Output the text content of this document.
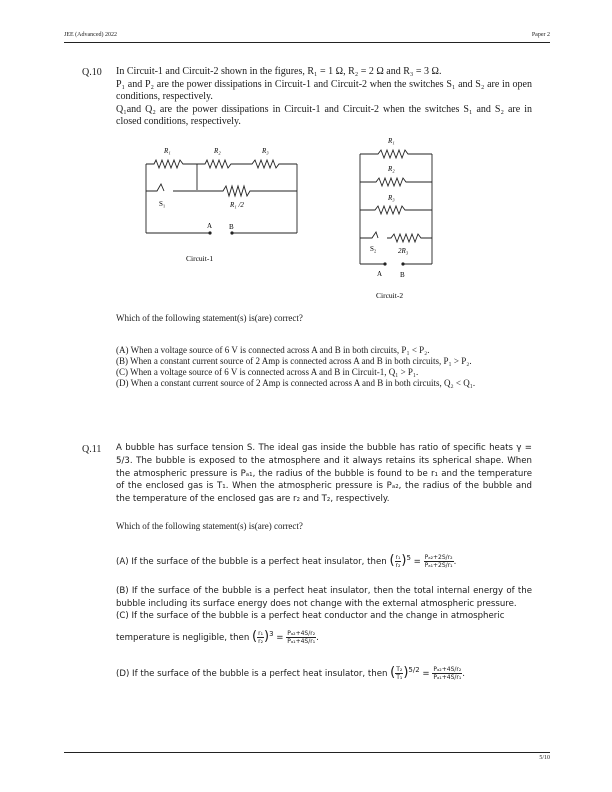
JEE (Advanced) 2022	Paper 2
Q.10 In Circuit-1 and Circuit-2 shown in the figures, R₁ = 1 Ω, R₂ = 2 Ω and R₃ = 3 Ω.

P₁ and P₂ are the power dissipations in Circuit-1 and Circuit-2 when the switches S₁ and S₂ are in open conditions, respectively.

Q₁and Q₂ are the power dissipations in Circuit-1 and Circuit-2 when the switches S₁ and S₂ are in closed conditions, respectively.

R₁	R₂	R₃
S₁	R₁ /2
A B
Circuit-1
R₁
R₂
R₃
S₂	2R₃
A	B
Circuit-2
Which of the following statement(s) is(are) correct?

(A) When a voltage source of 6 V is connected across A and B in both circuits, P₁ < P₂.

(B) When a constant current source of 2 Amp is connected across A and B in both circuits, P₁ > P₂.

(C) When a voltage source of 6 V is connected across A and B in Circuit-1, Q₁ > P₁.

(D) When a constant current source of 2 Amp is connected across A and B in both circuits, Q₂ < Q₁.

Q.11 A bubble has surface tension S. The ideal gas inside the bubble has ratio of specific heats γ = 5/3. The bubble is exposed to the atmosphere and it always retains its spherical shape. When the atmospheric pressure is Pₐ₁, the radius of the bubble is found to be r₁ and the temperature of the enclosed gas is T₁. When the atmospheric pressure is Pₐ₂, the radius of the bubble and the temperature of the enclosed gas are r₂ and T₂, respectively.
Which of the following statement(s) is(are) correct?
(A) If the surface of the bubble is a perfect heat insulator, then ( $\frac{\text{r₁}}{\text{r₂}} )^5 = \frac{\text{Pₐ₂+2S/r₂}}{\text{Pₐ₁+2S/r₁}}$ .
(B) If the surface of the bubble is a perfect heat insulator, then the total internal energy of the bubble including its surface energy does not change with the external atmospheric pressure.

(C) If the surface of the bubble is a perfect heat conductor and the change in atmospheric

temperature is negligible, then ( $\frac{\text{r₁}}{\text{r₂}} )^3 = \frac{\text{Pₐ₂+4S/r₂}}{\text{Pₐ₁+4S/r₁}}$ .

(D) If the surface of the bubble is a perfect heat insulator, then ( $\frac{\text{T₂}}{\text{T₁}} )^{5/2} = \frac{\text{Pₐ₂+4S/r₂}}{\text{Pₐ₁+4S/r₁}}$ .
5/10
